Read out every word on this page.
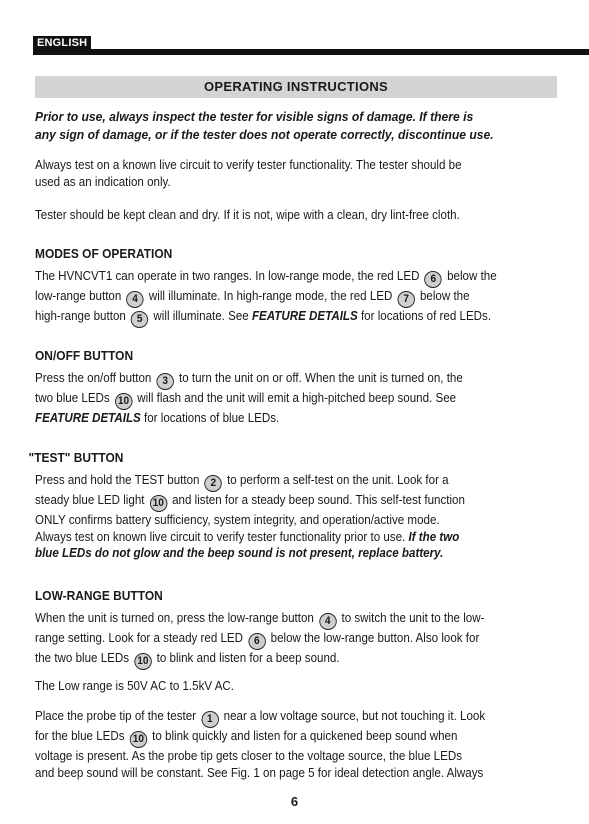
ENGLISH
OPERATING INSTRUCTIONS

Prior to use, always inspect the tester for visible signs of damage. If there is

any sign of damage, or if the tester does not operate correctly, discontinue use.

Always test on a known live circuit to verify tester functionality. The tester should be

used as an indication only.

Tester should be kept clean and dry. If it is not, wipe with a clean, dry lint-free cloth.

MODES OF OPERATION

The HVNCVT1 can operate in two ranges. In low-range mode, the red LED 6 below the

low-range button 4 will illuminate. In high-range mode, the red LED 7 below the

high-range button 5 will illuminate. See FEATURE DETAILS for locations of red LEDs.

ON/OFF BUTTON

Press the on/off button 3 to turn the unit on or off. When the unit is turned on, the

two blue LEDs 10 will flash and the unit will emit a high-pitched beep sound. See

FEATURE DETAILS for locations of blue LEDs.

"TEST" BUTTON

Press and hold the TEST button 2 to perform a self-test on the unit. Look for a

steady blue LED light 10 and listen for a steady beep sound. This self-test function

ONLY confirms battery sufficiency, system integrity, and operation/active mode.

Always test on known live circuit to verify tester functionality prior to use. If the two

blue LEDs do not glow and the beep sound is not present, replace battery.

LOW-RANGE BUTTON

When the unit is turned on, press the low-range button 4 to switch the unit to the low-

range setting. Look for a steady red LED 6 below the low-range button. Also look for

the two blue LEDs 10 to blink and listen for a beep sound.

The Low range is 50V AC to 1.5kV AC.

Place the probe tip of the tester 1 near a low voltage source, but not touching it. Look

for the blue LEDs 10 to blink quickly and listen for a quickened beep sound when

voltage is present. As the probe tip gets closer to the voltage source, the blue LEDs

and beep sound will be constant. See Fig. 1 on page 5 for ideal detection angle. Always

6
